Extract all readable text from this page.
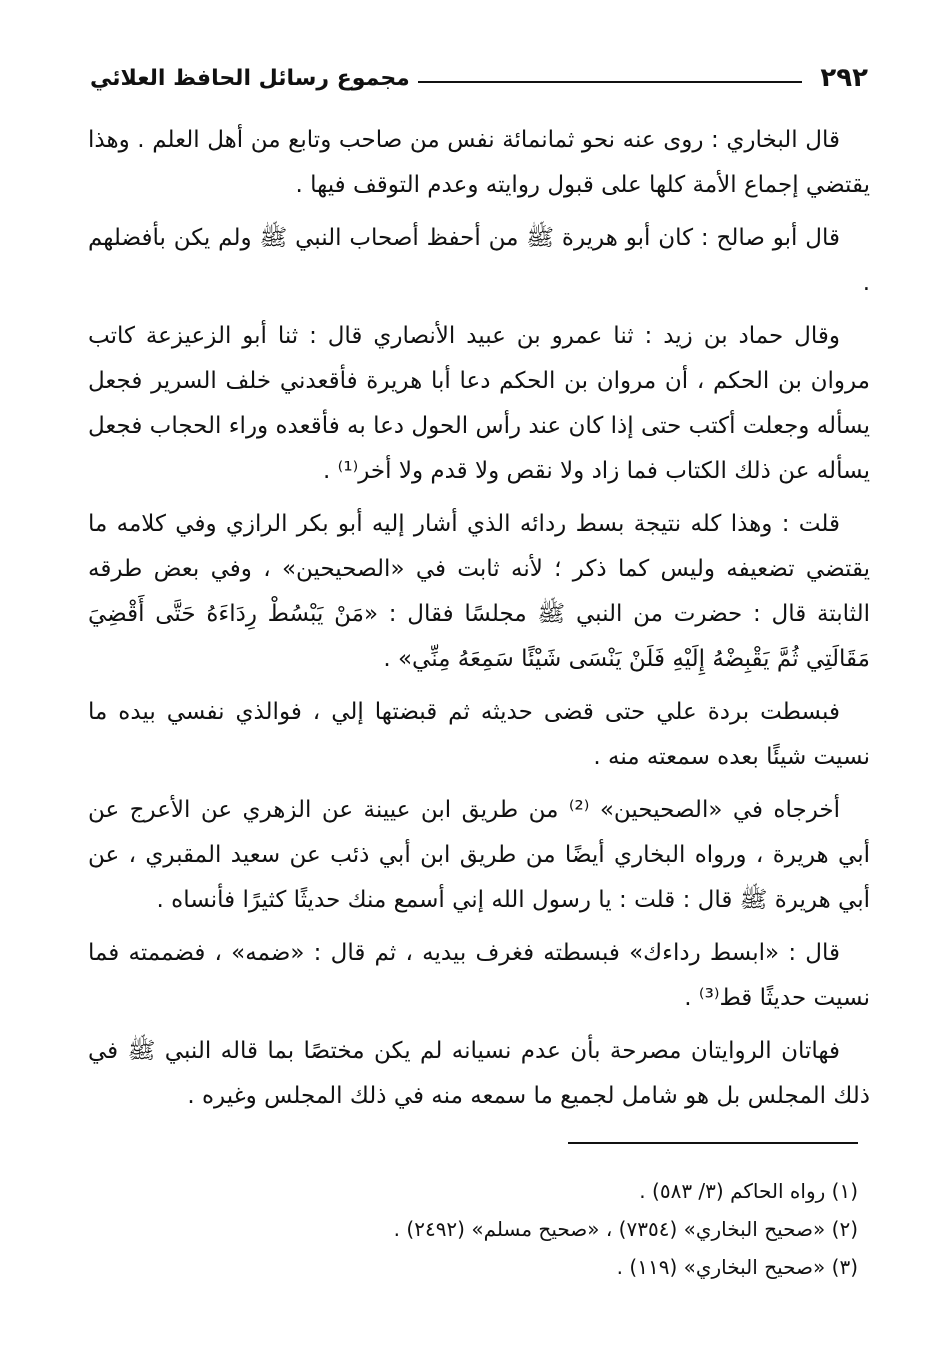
٢٩٢
مجموع رسائل الحافظ العلائي

قال البخاري : روى عنه نحو ثمانمائة نفس من صاحب وتابع من أهل العلم . وهذا يقتضي إجماع الأمة كلها على قبول روايته وعدم التوقف فيها .

قال أبو صالح : كان أبو هريرة ﷺ من أحفظ أصحاب النبي ﷺ ولم يكن بأفضلهم .

وقال حماد بن زيد : ثنا عمرو بن عبيد الأنصاري قال : ثنا أبو الزعيزعة كاتب مروان بن الحكم ، أن مروان بن الحكم دعا أبا هريرة فأقعدني خلف السرير فجعل يسأله وجعلت أكتب حتى إذا كان عند رأس الحول دعا به فأقعده وراء الحجاب فجعل يسأله عن ذلك الكتاب فما زاد ولا نقص ولا قدم ولا أخر⁽¹⁾ .

قلت : وهذا كله نتيجة بسط ردائه الذي أشار إليه أبو بكر الرازي وفي كلامه ما يقتضي تضعيفه وليس كما ذكر ؛ لأنه ثابت في «الصحيحين» ، وفي بعض طرقه الثابتة قال : حضرت من النبي ﷺ مجلسًا فقال : «مَنْ يَبْسُطْ رِدَاءَهُ حَتَّى أَقْضِيَ مَقَالَتِي ثُمَّ يَقْبِضْهُ إِلَيْهِ فَلَنْ يَنْسَى شَيْئًا سَمِعَهُ مِنِّي» .

فبسطت بردة علي حتى قضى حديثه ثم قبضتها إلي ، فوالذي نفسي بيده ما نسيت شيئًا بعده سمعته منه .

أخرجاه في «الصحيحين» ⁽²⁾ من طريق ابن عيينة عن الزهري عن الأعرج عن أبي هريرة ، ورواه البخاري أيضًا من طريق ابن أبي ذئب عن سعيد المقبري ، عن أبي هريرة ﷺ قال : قلت : يا رسول الله إني أسمع منك حديثًا كثيرًا فأنساه .

قال : «ابسط رداءك» فبسطته فغرف بيديه ، ثم قال : «ضمه» ، فضممته فما نسيت حديثًا قط⁽³⁾ .

فهاتان الروايتان مصرحة بأن عدم نسيانه لم يكن مختصًا بما قاله النبي ﷺ في ذلك المجلس بل هو شامل لجميع ما سمعه منه في ذلك المجلس وغيره .

(١) رواه الحاكم (٣/ ٥٨٣) .

(٢) «صحيح البخاري» (٧٣٥٤) ، «صحيح مسلم» (٢٤٩٢) .

(٣) «صحيح البخاري» (١١٩) .
